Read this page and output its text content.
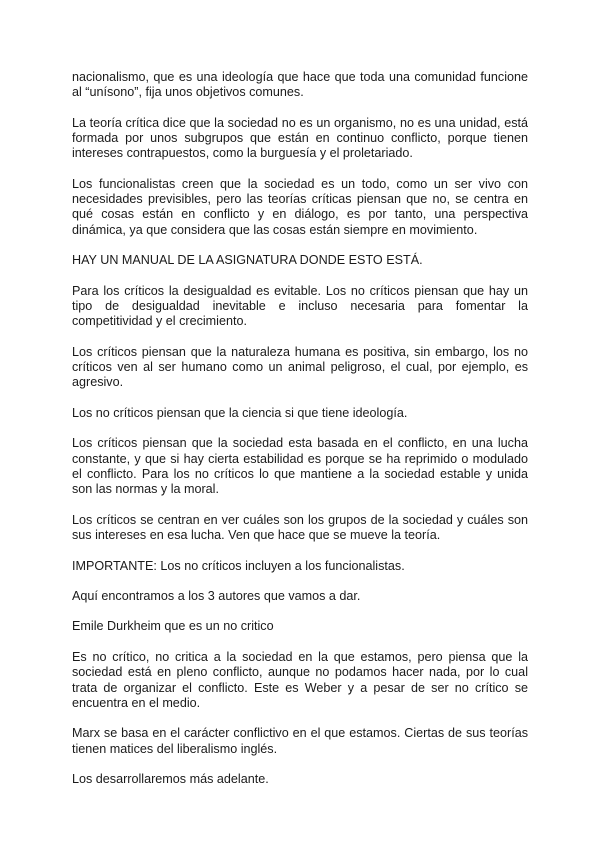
nacionalismo, que es una ideología que hace que toda una comunidad funcione al “unísono”, fija unos objetivos comunes.

La teoría crítica dice que la sociedad no es un organismo, no es una unidad, está formada por unos subgrupos que están en continuo conflicto, porque tienen intereses contrapuestos, como la burguesía y el proletariado.

Los funcionalistas creen que la sociedad es un todo, como un ser vivo con necesidades previsibles, pero las teorías críticas piensan que no, se centra en qué cosas están en conflicto y en diálogo, es por tanto, una perspectiva dinámica, ya que considera que las cosas están siempre en movimiento.

HAY UN MANUAL DE LA ASIGNATURA DONDE ESTO ESTÁ.

Para los críticos la desigualdad es evitable. Los no críticos piensan que hay un tipo de desigualdad inevitable e incluso necesaria para fomentar la competitividad y el crecimiento.

Los críticos piensan que la naturaleza humana es positiva, sin embargo, los no críticos ven al ser humano como un animal peligroso, el cual, por ejemplo, es agresivo.

Los no críticos piensan que la ciencia si que tiene ideología.

Los críticos piensan que la sociedad esta basada en el conflicto, en una lucha constante, y que si hay cierta estabilidad es porque se ha reprimido o modulado el conflicto. Para los no críticos lo que mantiene a la sociedad estable y unida son las normas y la moral.

Los críticos se centran en ver cuáles son los grupos de la sociedad y cuáles son sus intereses en esa lucha. Ven que hace que se mueve la teoría.

IMPORTANTE: Los no críticos incluyen a los funcionalistas.

Aquí encontramos a los 3 autores que vamos a dar.

Emile Durkheim que es un no critico

Es no crítico, no critica a la sociedad en la que estamos, pero piensa que la sociedad está en pleno conflicto, aunque no podamos hacer nada, por lo cual trata de organizar el conflicto. Este es Weber y a pesar de ser no crítico se encuentra en el medio.

Marx se basa en el carácter conflictivo en el que estamos. Ciertas de sus teorías tienen matices del liberalismo inglés.

Los desarrollaremos más adelante.
